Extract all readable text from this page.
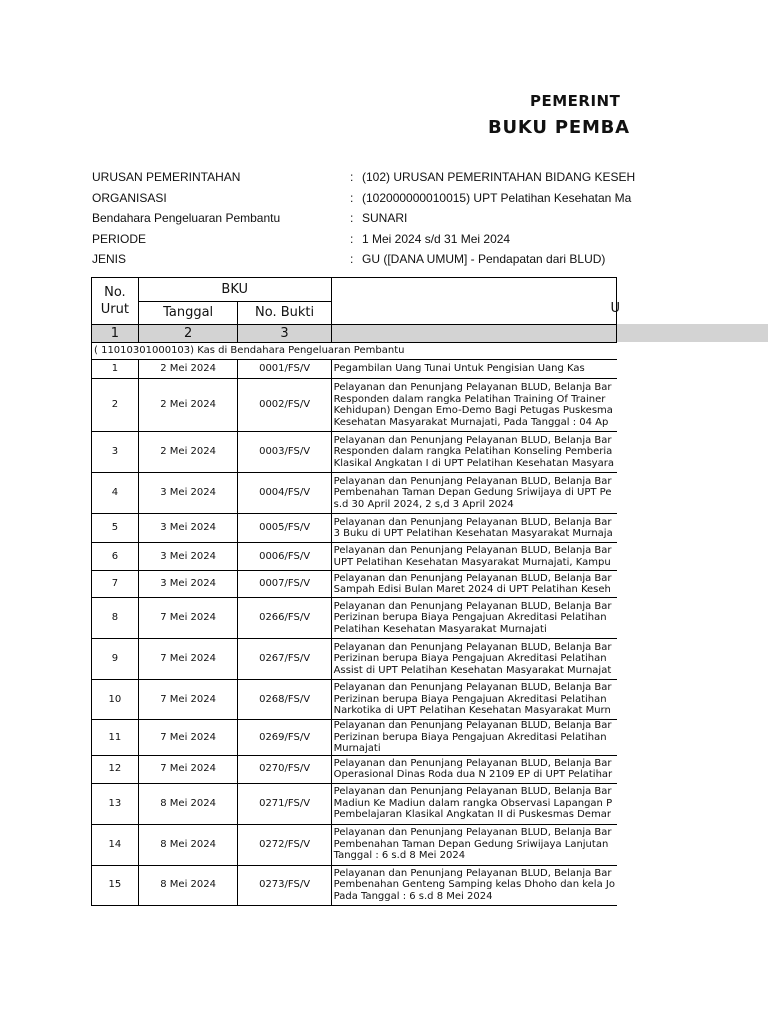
PEMERINT
BUKU PEMBA
URUSAN PEMERINTAHAN	: (102) URUSAN PEMERINTAHAN BIDANG KESEH
ORGANISASI	: (102000000010015) UPT Pelatihan Kesehatan Ma
Bendahara Pengeluaran Pembantu	: SUNARI
PERIODE	: 1 Mei 2024 s/d 31 Mei 2024
JENIS	: GU ([DANA UMUM] - Pendapatan dari BLUD)
No.
Urut	BKU		U
	Tanggal	No. Bukti	
1	2	3	
( 11010301000103) Kas di Bendahara Pengeluaran Pembantu			
1	2 Mei 2024	0001/FS/V	Pegambilan Uang Tunai Untuk Pengisian Uang Kas
2	2 Mei 2024	0002/FS/V	Pelayanan dan Penunjang Pelayanan BLUD, Belanja Bar
Responden dalam rangka Pelatihan Training Of Trainer
Kehidupan) Dengan Emo-Demo Bagi Petugas Puskesma
Kesehatan Masyarakat Murnajati, Pada Tanggal : 04 Ap
3	2 Mei 2024	0003/FS/V	Pelayanan dan Penunjang Pelayanan BLUD, Belanja Bar
Responden dalam rangka Pelatihan Konseling Pemberia
Klasikal Angkatan I di UPT Pelatihan Kesehatan Masyara
4	3 Mei 2024	0004/FS/V	Pelayanan dan Penunjang Pelayanan BLUD, Belanja Bar
Pembenahan Taman Depan Gedung Sriwijaya di UPT Pe
s.d 30 April 2024, 2 s,d 3 April 2024
5	3 Mei 2024	0005/FS/V	Pelayanan dan Penunjang Pelayanan BLUD, Belanja Bar
3 Buku di UPT Pelatihan Kesehatan Masyarakat Murnaja
6	3 Mei 2024	0006/FS/V	Pelayanan dan Penunjang Pelayanan BLUD, Belanja Bar
UPT Pelatihan Kesehatan Masyarakat Murnajati, Kampu
7	3 Mei 2024	0007/FS/V	Pelayanan dan Penunjang Pelayanan BLUD, Belanja Bar
Sampah Edisi Bulan Maret 2024 di UPT Pelatihan Keseh
8	7 Mei 2024	0266/FS/V	Pelayanan dan Penunjang Pelayanan BLUD, Belanja Bar
Perizinan berupa Biaya Pengajuan Akreditasi Pelatihan
Pelatihan Kesehatan Masyarakat Murnajati
9	7 Mei 2024	0267/FS/V	Pelayanan dan Penunjang Pelayanan BLUD, Belanja Bar
Perizinan berupa Biaya Pengajuan Akreditasi Pelatihan
Assist di UPT Pelatihan Kesehatan Masyarakat Murnajat
10	7 Mei 2024	0268/FS/V	Pelayanan dan Penunjang Pelayanan BLUD, Belanja Bar
Perizinan berupa Biaya Pengajuan Akreditasi Pelatihan
Narkotika di UPT Pelatihan Kesehatan Masyarakat Murn
11	7 Mei 2024	0269/FS/V	Pelayanan dan Penunjang Pelayanan BLUD, Belanja Bar
Perizinan berupa Biaya Pengajuan Akreditasi Pelatihan
Murnajati
12	7 Mei 2024	0270/FS/V	Pelayanan dan Penunjang Pelayanan BLUD, Belanja Bar
Operasional Dinas Roda dua N 2109 EP di UPT Pelatihar
13	8 Mei 2024	0271/FS/V	Pelayanan dan Penunjang Pelayanan BLUD, Belanja Bar
Madiun Ke Madiun dalam rangka Observasi Lapangan P
Pembelajaran Klasikal Angkatan II di Puskesmas Demar
14	8 Mei 2024	0272/FS/V	Pelayanan dan Penunjang Pelayanan BLUD, Belanja Bar
Pembenahan Taman Depan Gedung Sriwijaya Lanjutan
Tanggal : 6 s.d 8 Mei 2024
15	8 Mei 2024	0273/FS/V	Pelayanan dan Penunjang Pelayanan BLUD, Belanja Bar
Pembenahan Genteng Samping kelas Dhoho dan kela Jo
Pada Tanggal : 6 s.d 8 Mei 2024
